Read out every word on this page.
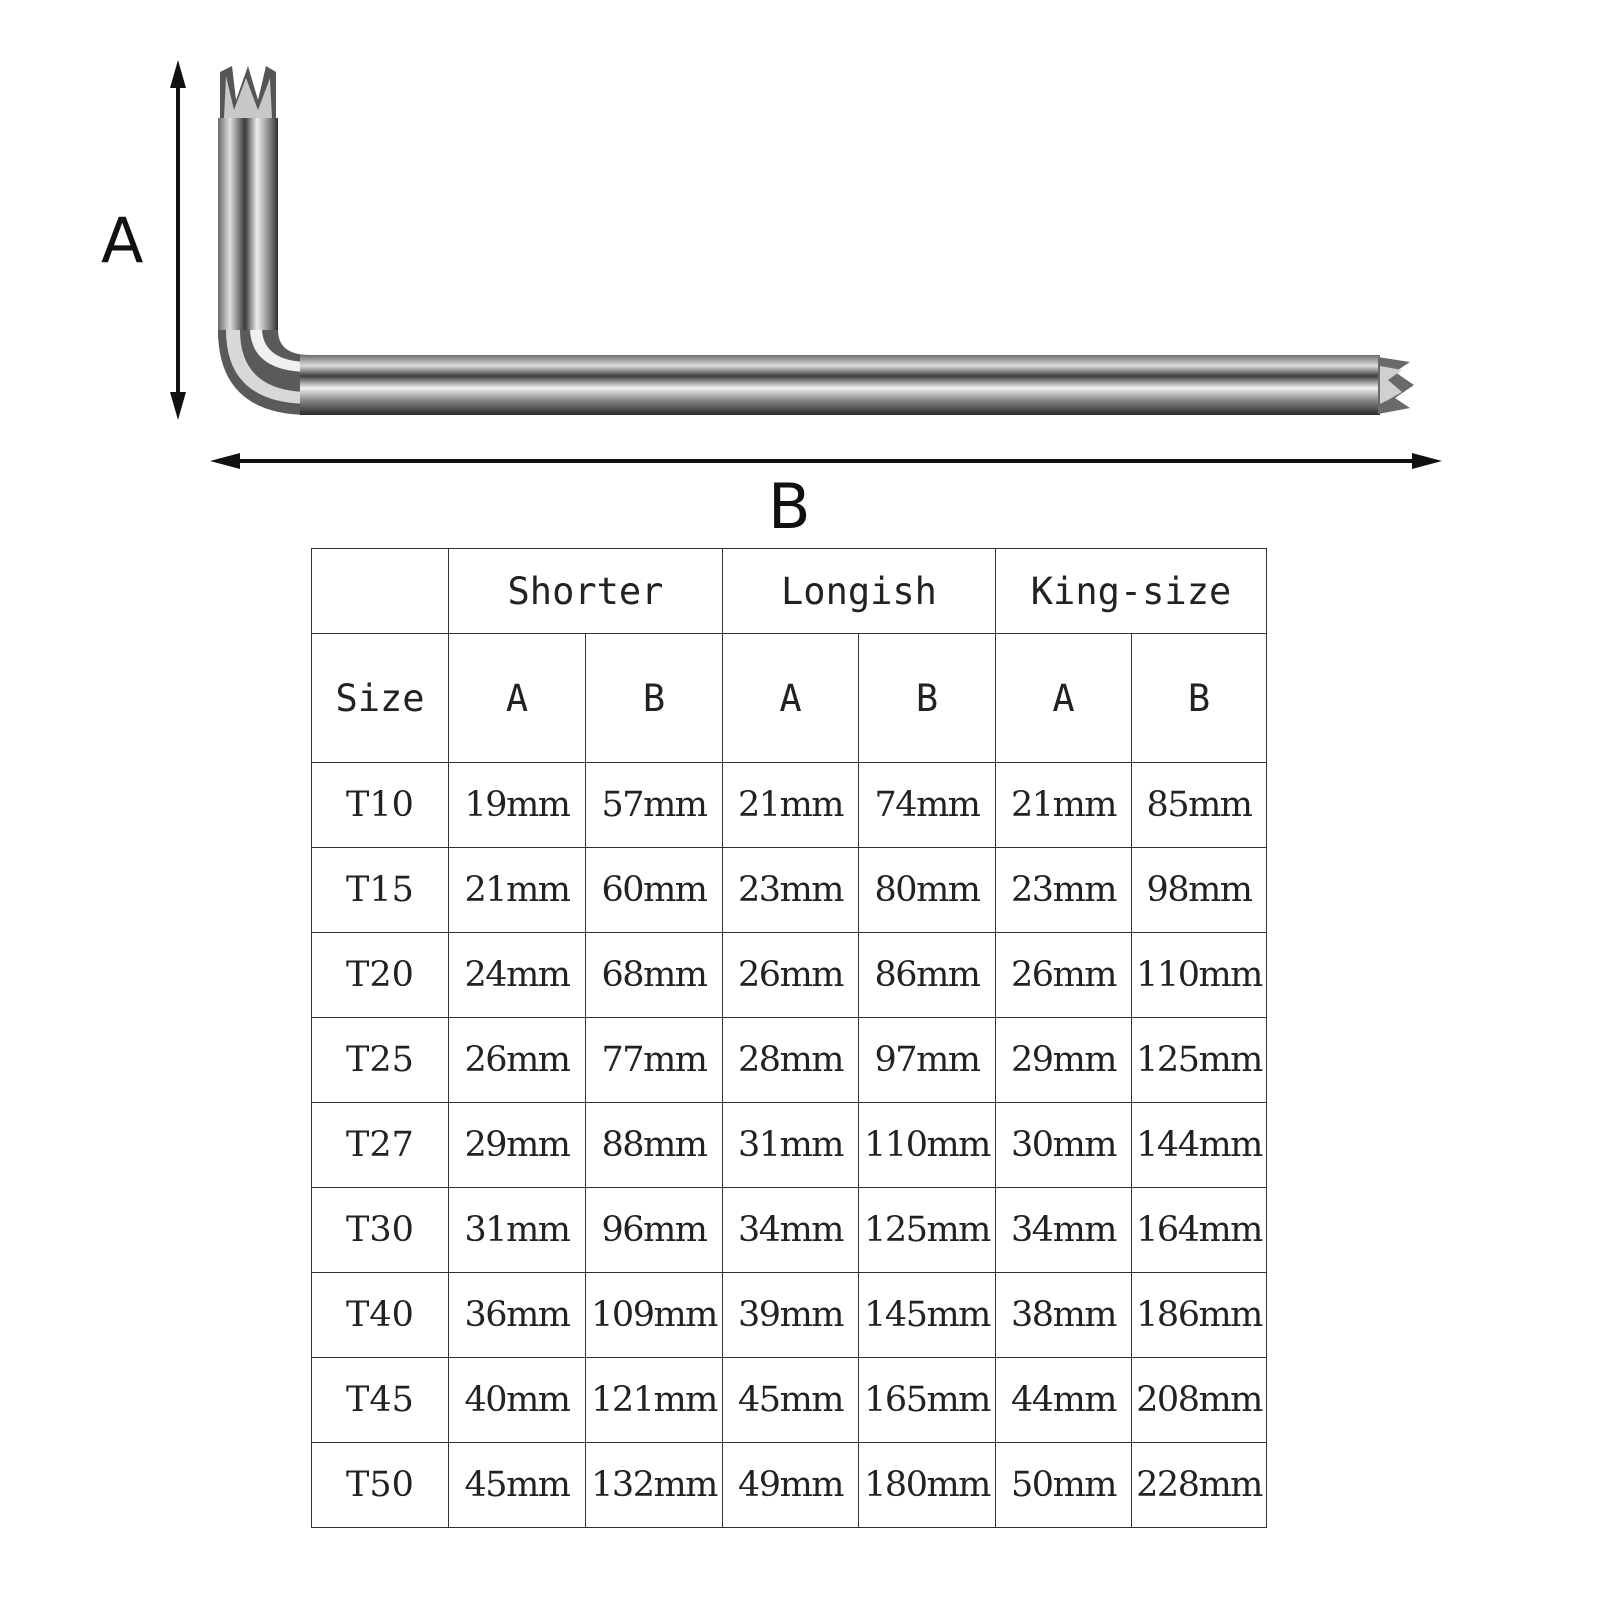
A
B
	Shorter		Longish		King-size	
Size	A	B	A	B	A	B
T10	19mm	57mm	21mm	74mm	21mm	85mm
T15	21mm	60mm	23mm	80mm	23mm	98mm
T20	24mm	68mm	26mm	86mm	26mm	110mm
T25	26mm	77mm	28mm	97mm	29mm	125mm
T27	29mm	88mm	31mm	110mm	30mm	144mm
T30	31mm	96mm	34mm	125mm	34mm	164mm
T40	36mm	109mm	39mm	145mm	38mm	186mm
T45	40mm	121mm	45mm	165mm	44mm	208mm
T50	45mm	132mm	49mm	180mm	50mm	228mm
